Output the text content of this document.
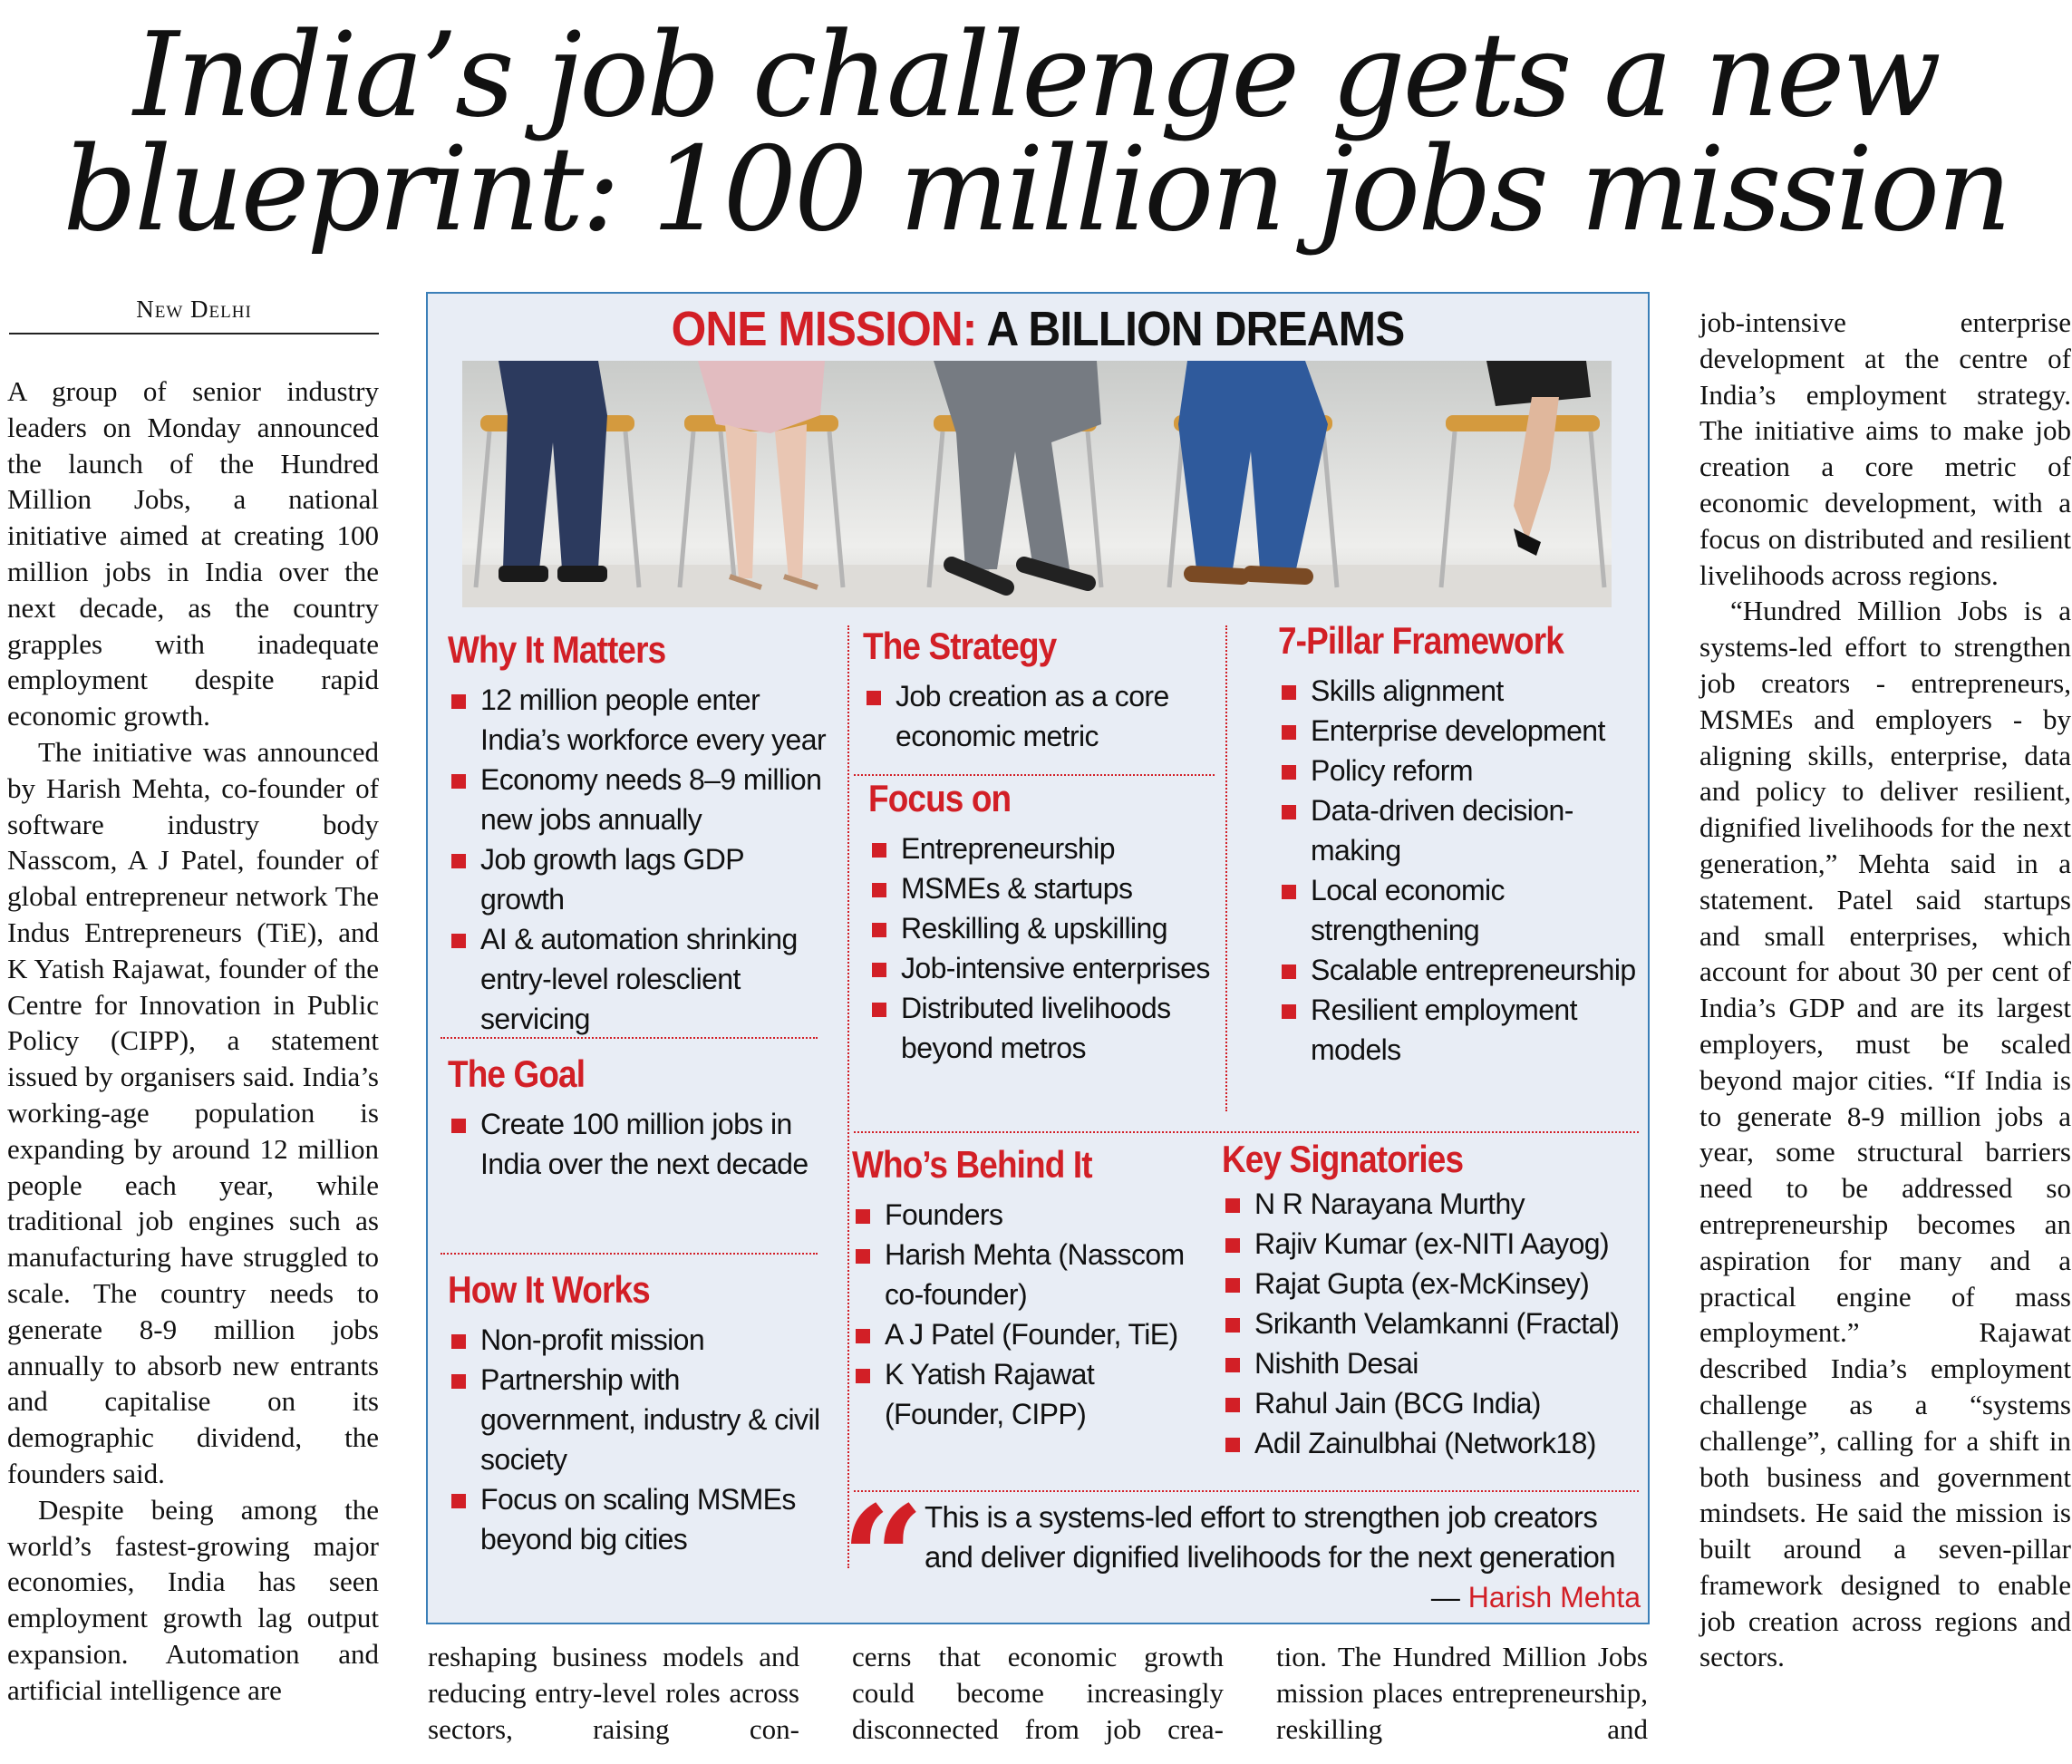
India’s job challenge gets a new
blueprint: 100 million jobs mission
New Delhi

A group of senior industry leaders on Monday announced the launch of the Hundred Million Jobs, a national initiative aimed at creating 100 million jobs in India over the next decade, as the country grapples with inadequate employment despite rapid economic growth.

The initiative was announced by Harish Mehta, co-founder of software industry body Nasscom, A J Patel, founder of global entrepreneur network The Indus Entrepreneurs (TiE), and K Yatish Rajawat, founder of the Centre for Innovation in Public Policy (CIPP), a statement issued by organisers said. India’s working-age population is expanding by around 12 million people each year, while traditional job engines such as manufacturing have struggled to scale. The country needs to generate 8-9 million jobs annually to absorb new entrants and capitalise on its demographic dividend, the founders said.

Despite being among the world’s fastest-growing major economies, India has seen employment growth lag output expansion. Automation and artificial intelligence are

job-intensive enterprise development at the centre of India’s employment strategy. The initiative aims to make job creation a core metric of economic development, with a focus on distributed and resilient livelihoods across regions.

“Hundred Million Jobs is a systems-led effort to strengthen job creators - entrepreneurs, MSMEs and employers - by aligning skills, enterprise, data and policy to deliver resilient, dignified livelihoods for the next generation,” Mehta said in a statement. Patel said startups and small enterprises, which account for about 30 per cent of India’s GDP and are its largest employers, must be scaled beyond major cities. “If India is to generate 8-9 million jobs a year, some structural barriers need to be addressed so entrepreneurship becomes an aspiration for many and a practical engine of mass employment.” Rajawat described India’s employment challenge as a “systems challenge”, calling for a shift in both business and government mindsets. He said the mission is built around a seven-pillar framework designed to enable job creation across regions and sectors.

reshaping business models and reducing entry-level roles across sectors, raising con-
cerns that economic growth could become increasingly disconnected from job crea-
tion. The Hundred Million Jobs mission places entrepreneurship, reskilling and
ONE MISSION: A BILLION DREAMS
Why It Matters
12 million people enter India’s workforce every year
Economy needs 8–9 million new jobs annually
Job growth lags GDP growth
AI & automation shrinking entry-level rolesclient servicing
The Goal
Create 100 million jobs in India over the next decade
How It Works
Non-profit mission
Partnership with government, industry & civil society
Focus on scaling MSMEs beyond big cities
The Strategy
Job creation as a core economic metric
Focus on
Entrepreneurship
MSMEs & startups
Reskilling & upskilling
Job-intensive enterprises
Distributed livelihoods beyond metros
7-Pillar Framework
Skills alignment
Enterprise development
Policy reform
Data-driven decision-making
Local economic strengthening
Scalable entrepreneurship
Resilient employment models
Who’s Behind It
Founders
Harish Mehta (Nasscom co-founder)
A J Patel (Founder, TiE)
K Yatish Rajawat (Founder, CIPP)
Key Signatories
N R Narayana Murthy
Rajiv Kumar (ex-NITI Aayog)
Rajat Gupta (ex-McKinsey)
Srikanth Velamkanni (Fractal)
Nishith Desai
Rahul Jain (BCG India)
Adil Zainulbhai (Network18)
“ This is a systems-led effort to strengthen job creators and deliver dignified livelihoods for the next generation
— Harish Mehta
